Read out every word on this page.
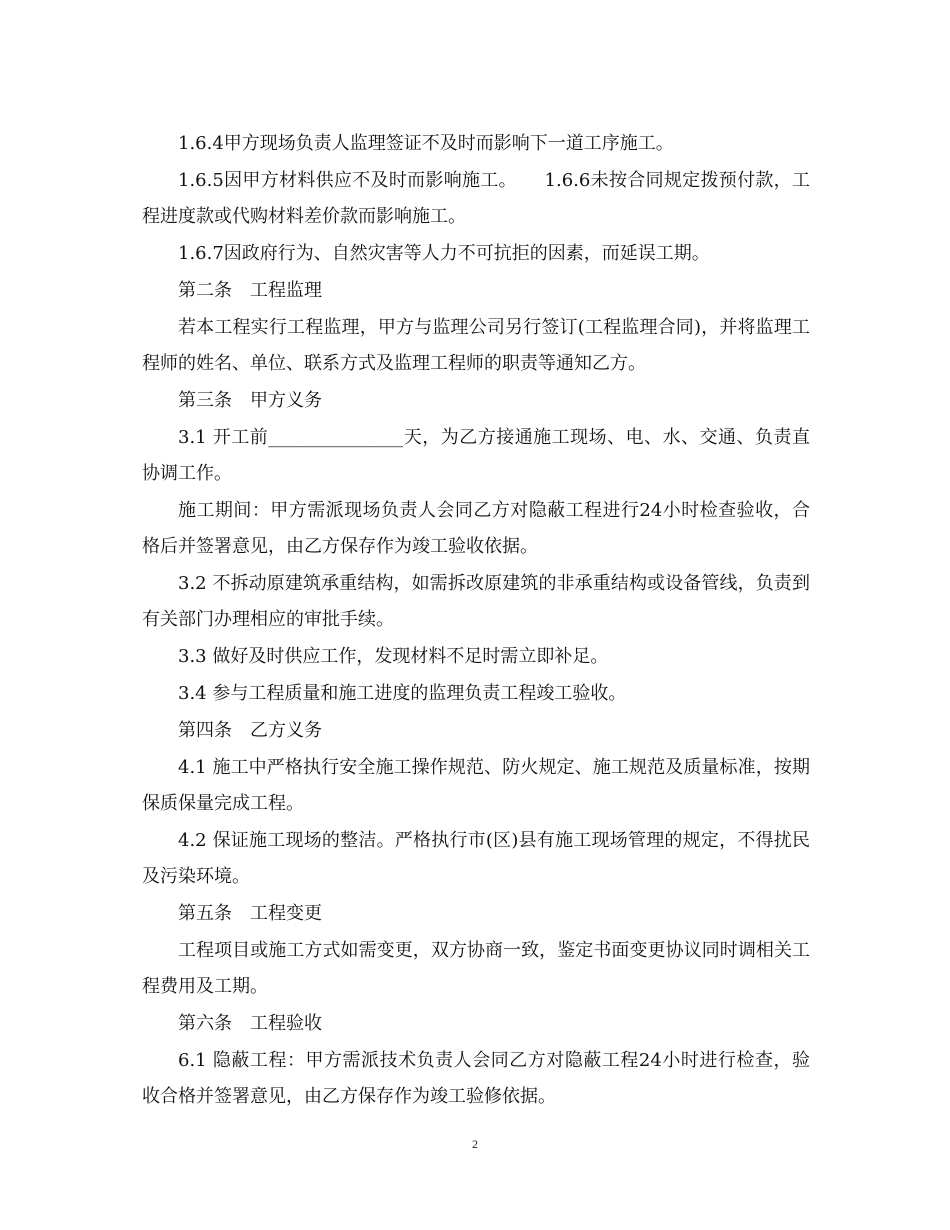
1.6.4甲方现场负责人监理签证不及时而影响下一道工序施工。

1.6.5因甲方材料供应不及时而影响施工。　　1.6.6未按合同规定拨预付款，工程进度款或代购材料差价款而影响施工。

1.6.7因政府行为、自然灾害等人力不可抗拒的因素，而延误工期。

第二条　工程监理

若本工程实行工程监理，甲方与监理公司另行签订(工程监理合同)，并将监理工程师的姓名、单位、联系方式及监理工程师的职责等通知乙方。

第三条　甲方义务

3.1 开工前_______________天，为乙方接通施工现场、电、水、交通、负责直协调工作。

施工期间：甲方需派现场负责人会同乙方对隐蔽工程进行24小时检查验收，合格后并签署意见，由乙方保存作为竣工验收依据。

3.2 不拆动原建筑承重结构，如需拆改原建筑的非承重结构或设备管线，负责到有关部门办理相应的审批手续。

3.3 做好及时供应工作，发现材料不足时需立即补足。

3.4 参与工程质量和施工进度的监理负责工程竣工验收。

第四条　乙方义务

4.1 施工中严格执行安全施工操作规范、防火规定、施工规范及质量标准，按期保质保量完成工程。

4.2 保证施工现场的整洁。严格执行市(区)县有施工现场管理的规定，不得扰民及污染环境。

第五条　工程变更

工程项目或施工方式如需变更，双方协商一致，鉴定书面变更协议同时调相关工程费用及工期。

第六条　工程验收

6.1 隐蔽工程：甲方需派技术负责人会同乙方对隐蔽工程24小时进行检查，验收合格并签署意见，由乙方保存作为竣工验修依据。

2
